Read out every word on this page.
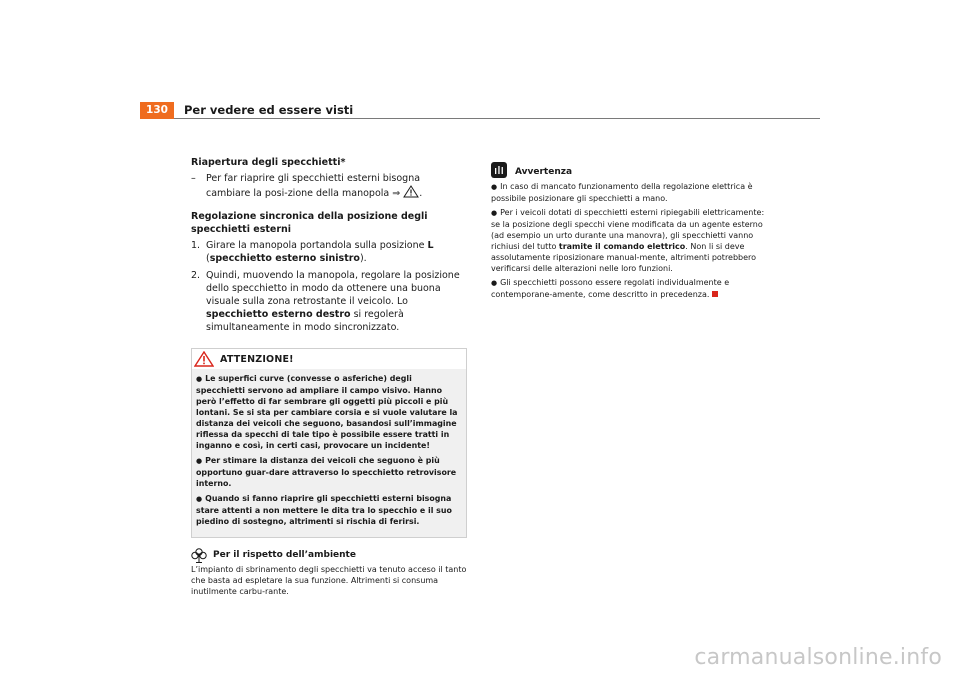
130	Per vedere ed essere visti
Riapertura degli specchietti*
–	Per far riaprire gli specchietti esterni bisogna cambiare la posi-zione della manopola ⇒ .
Regolazione sincronica della posizione degli specchietti esterni
1. Girare la manopola portandola sulla posizione L (specchietto esterno sinistro).
2. Quindi, muovendo la manopola, regolare la posizione dello specchietto in modo da ottenere una buona visuale sulla zona retrostante il veicolo. Lo specchietto esterno destro si regolerà simultaneamente in modo sincronizzato.
ATTENZIONE!
● Le superfici curve (convesse o asferiche) degli specchietti servono ad ampliare il campo visivo. Hanno però l’effetto di far sembrare gli oggetti più piccoli e più lontani. Se si sta per cambiare corsia e si vuole valutare la distanza dei veicoli che seguono, basandosi sull’immagine riflessa da specchi di tale tipo è possibile essere tratti in inganno e così, in certi casi, provocare un incidente!
● Per stimare la distanza dei veicoli che seguono è più opportuno guar-dare attraverso lo specchietto retrovisore interno.
● Quando si fanno riaprire gli specchietti esterni bisogna stare attenti a non mettere le dita tra lo specchio e il suo piedino di sostegno, altrimenti si rischia di ferirsi.
Per il rispetto dell’ambiente
L’impianto di sbrinamento degli specchietti va tenuto acceso il tanto che basta ad espletare la sua funzione. Altrimenti si consuma inutilmente carbu-rante.
Avvertenza
● In caso di mancato funzionamento della regolazione elettrica è possibile posizionare gli specchietti a mano.
● Per i veicoli dotati di specchietti esterni ripiegabili elettricamente: se la posizione degli specchi viene modificata da un agente esterno (ad esempio un urto durante una manovra), gli specchietti vanno richiusi del tutto tramite il comando elettrico. Non li si deve assolutamente riposizionare manual-mente, altrimenti potrebbero verificarsi delle alterazioni nelle loro funzioni.
● Gli specchietti possono essere regolati individualmente e contemporane-amente, come descritto in precedenza.
carmanualsonline.info
